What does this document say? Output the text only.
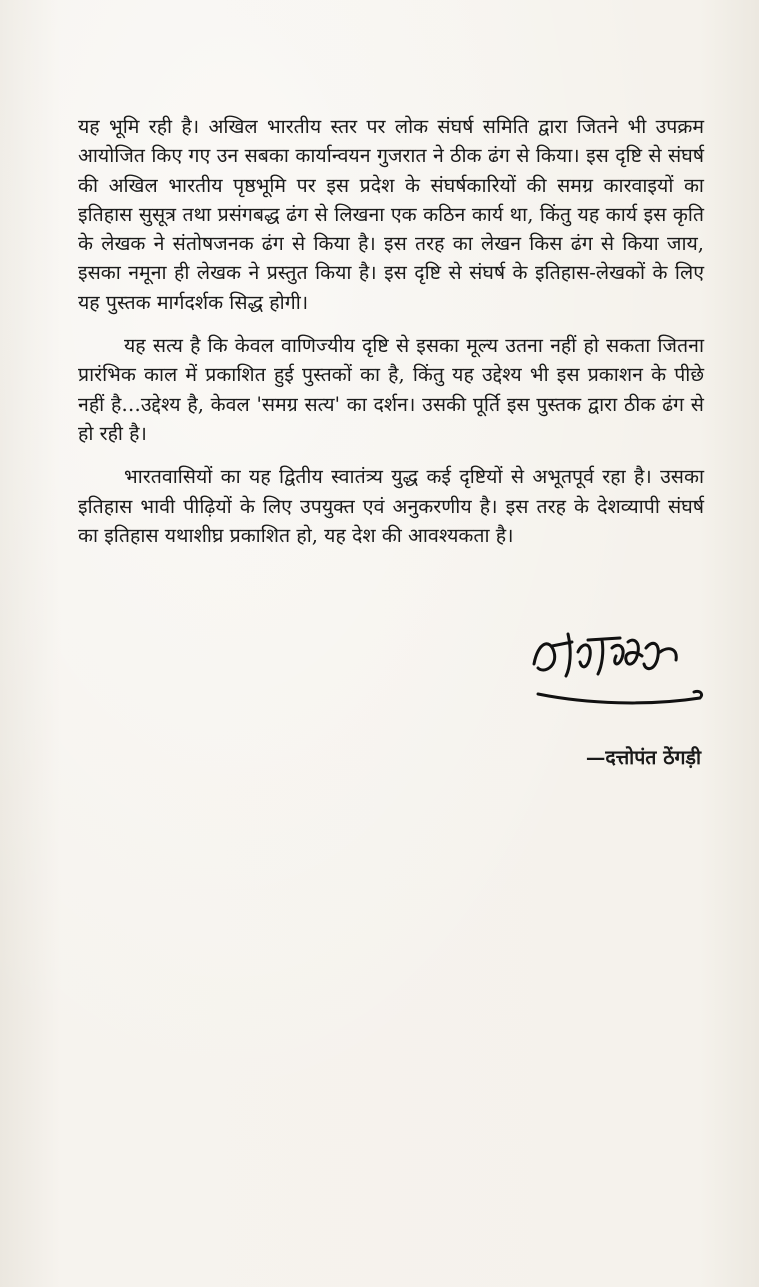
यह भूमि रही है। अखिल भारतीय स्तर पर लोक संघर्ष समिति द्वारा जितने भी उपक्रम आयोजित किए गए उन सबका कार्यान्वयन गुजरात ने ठीक ढंग से किया। इस दृष्टि से संघर्ष की अखिल भारतीय पृष्ठभूमि पर इस प्रदेश के संघर्षकारियों की समग्र कारवाइयों का इतिहास सुसूत्र तथा प्रसंगबद्ध ढंग से लिखना एक कठिन कार्य था, किंतु यह कार्य इस कृति के लेखक ने संतोषजनक ढंग से किया है। इस तरह का लेखन किस ढंग से किया जाय, इसका नमूना ही लेखक ने प्रस्तुत किया है। इस दृष्टि से संघर्ष के इतिहास-लेखकों के लिए यह पुस्तक मार्गदर्शक सिद्ध होगी।

यह सत्य है कि केवल वाणिज्यीय दृष्टि से इसका मूल्य उतना नहीं हो सकता जितना प्रारंभिक काल में प्रकाशित हुई पुस्तकों का है, किंतु यह उद्देश्य भी इस प्रकाशन के पीछे नहीं है…उद्देश्य है, केवल 'समग्र सत्य' का दर्शन। उसकी पूर्ति इस पुस्तक द्वारा ठीक ढंग से हो रही है।

भारतवासियों का यह द्वितीय स्वातंत्र्य युद्ध कई दृष्टियों से अभूतपूर्व रहा है। उसका इतिहास भावी पीढ़ियों के लिए उपयुक्त एवं अनुकरणीय है। इस तरह के देशव्यापी संघर्ष का इतिहास यथाशीघ्र प्रकाशित हो, यह देश की आवश्यकता है।

—दत्तोपंत ठेंगड़ी
